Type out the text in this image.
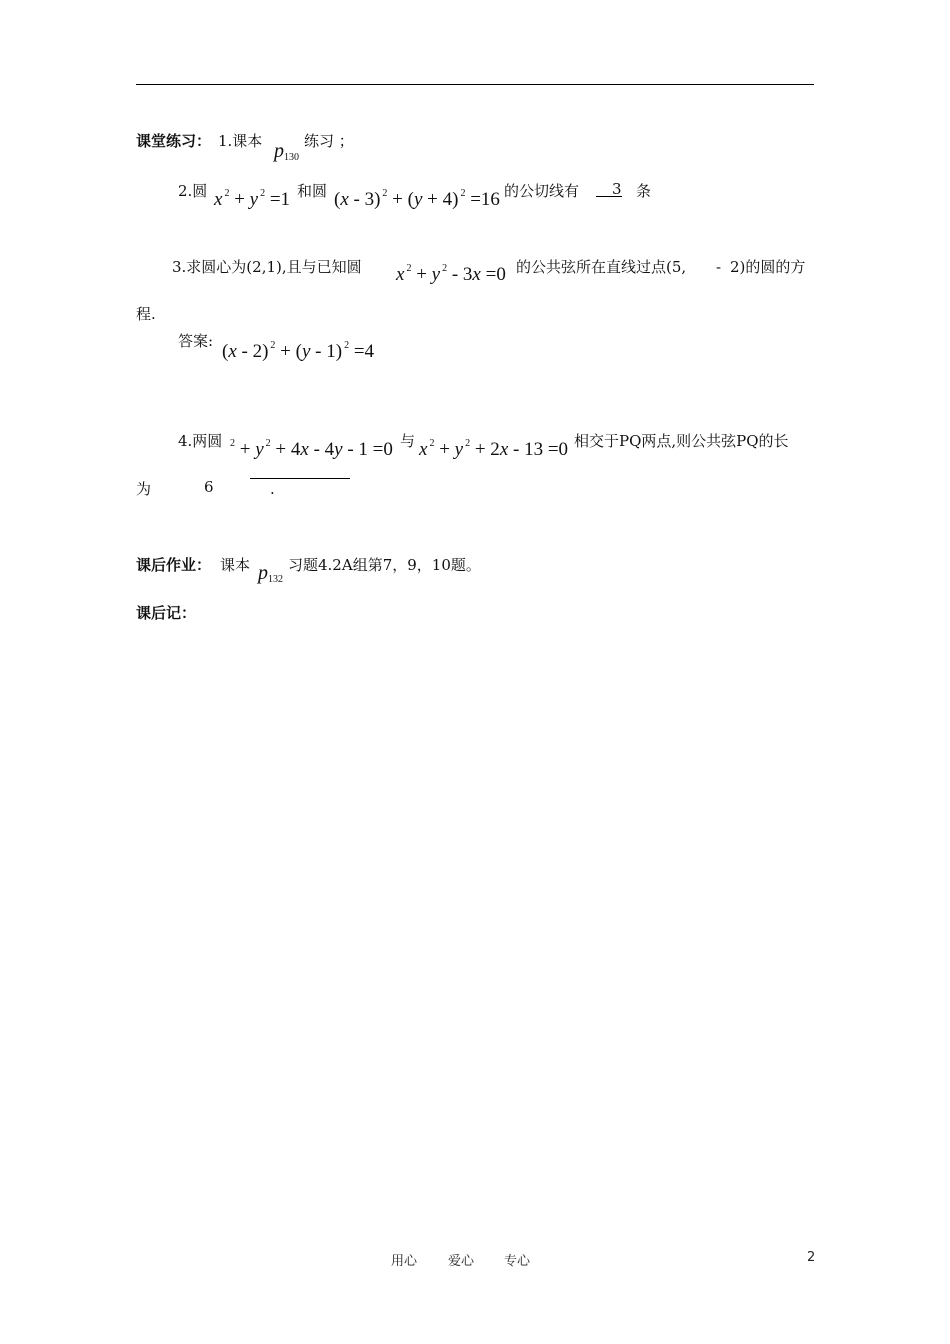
课堂练习： 1.课本 p 130
练习 ；
2.圆 x $^2$ + y $^2$ =1 和圆 (x - 3) $^2$ + (y + 4) $^2$ =16 的公切线有 3 条
3.求圆心为(2,1),且与已知圆 x $^2$ + y $^2$ - 3x =0 的公共弦所在直线过点(5, - 2)的圆的方
程.
答案: (x - 2) $^2$ + (y - 1) $^2$ =4
4.两圆 $^2$ + y $^2$ + 4x - 4y - 1 =0 与 x $^2$ + y $^2$ + 2x - 13 =0 相交于PQ两点,则公共弦PQ的长
为	6	.
课后作业： 课本 p 132
习题4.2A组第7，9，10题。
课后记：
用心 爱心 专心	2
